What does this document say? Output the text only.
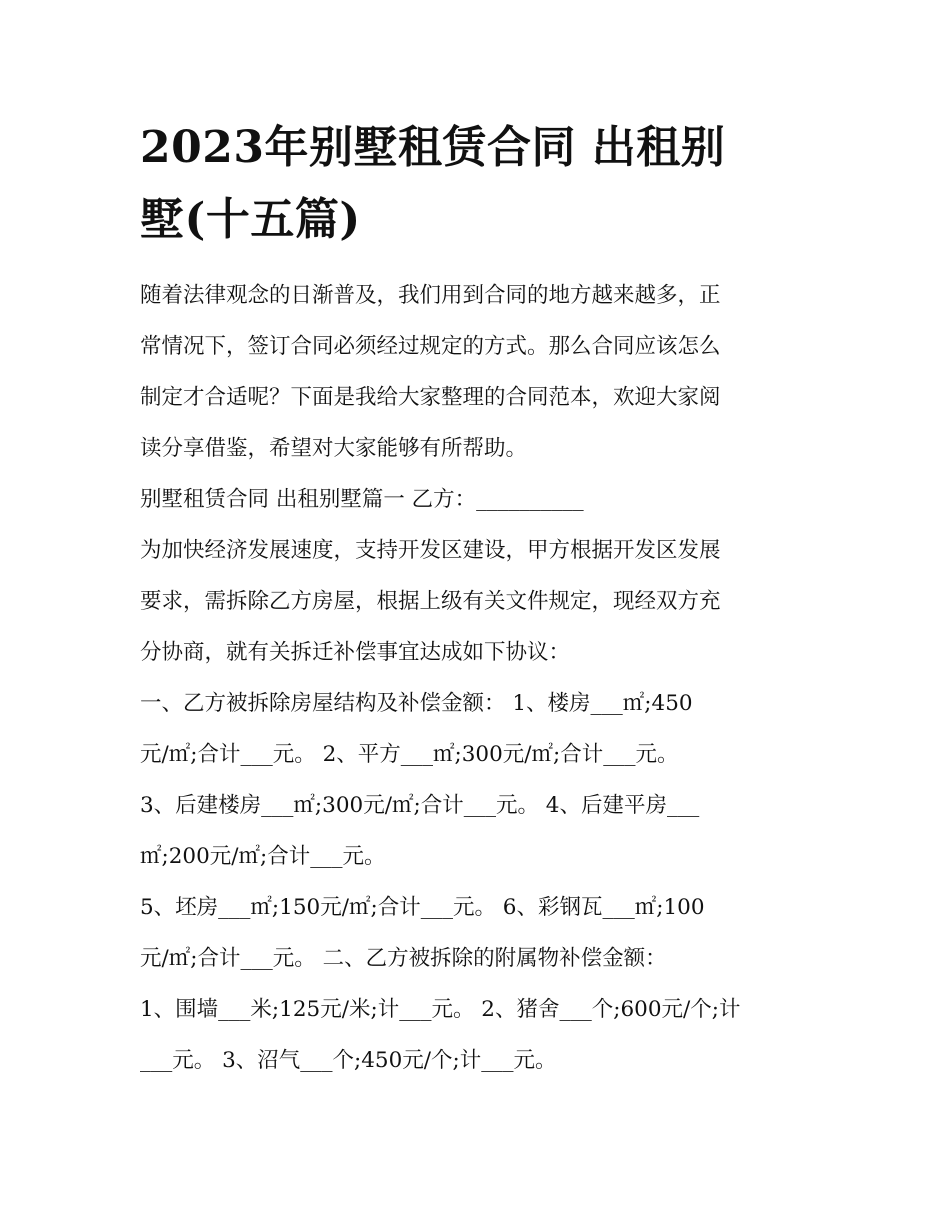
2023年别墅租赁合同 出租别
墅(十五篇)
随着法律观念的日渐普及，我们用到合同的地方越来越多，正
常情况下，签订合同必须经过规定的方式。那么合同应该怎么
制定才合适呢？下面是我给大家整理的合同范本，欢迎大家阅
读分享借鉴，希望对大家能够有所帮助。
别墅租赁合同 出租别墅篇一 乙方：__________
为加快经济发展速度，支持开发区建设，甲方根据开发区发展
要求，需拆除乙方房屋，根据上级有关文件规定，现经双方充
分协商，就有关拆迁补偿事宜达成如下协议：
一、乙方被拆除房屋结构及补偿金额： 1、楼房___㎡;450
元/㎡;合计___元。 2、平方___㎡;300元/㎡;合计___元。
3、后建楼房___㎡;300元/㎡;合计___元。 4、后建平房___
㎡;200元/㎡;合计___元。
5、坯房___㎡;150元/㎡;合计___元。 6、彩钢瓦___㎡;100
元/㎡;合计___元。 二、乙方被拆除的附属物补偿金额：
1、围墙___米;125元/米;计___元。 2、猪舍___个;600元/个;计
___元。 3、沼气___个;450元/个;计___元。
